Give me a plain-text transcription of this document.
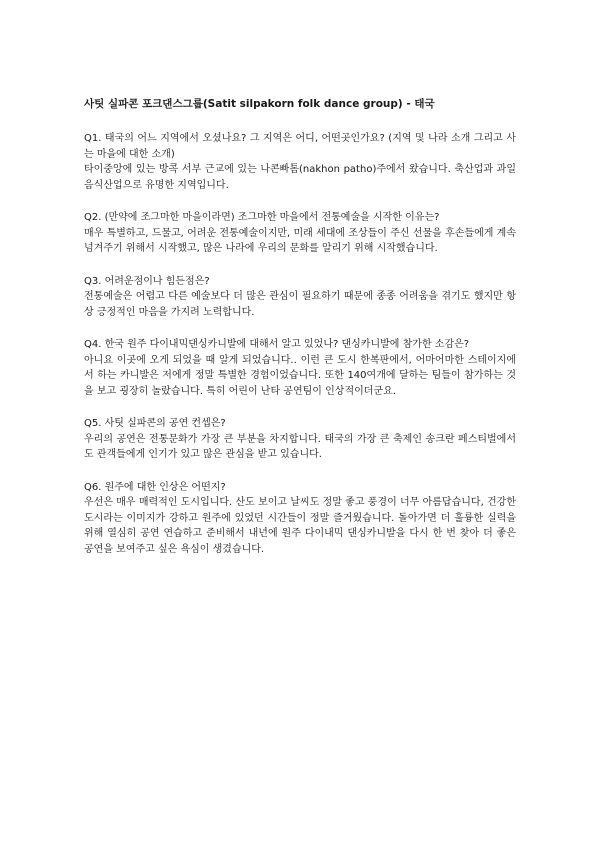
사팃 실파콘 포크댄스그룹(Satit silpakorn folk dance group) - 태국

Q1. 태국의 어느 지역에서 오셨나요? 그 지역은 어디, 어떤곳인가요? (지역 및 나라 소개 그리고 사는 마을에 대한 소개)

타이중앙에 있는 방콕 서부 근교에 있는 나콘빠톰(nakhon patho)주에서 왔습니다. 축산업과 과일음식산업으로 유명한 지역입니다.

Q2. (만약에 조그마한 마을이라면) 조그마한 마을에서 전통예술을 시작한 이유는?

매우 특별하고, 드물고, 어려운 전통예술이지만, 미래 세대에 조상들이 주신 선물을 후손들에게 계속 넘겨주기 위해서 시작했고, 많은 나라에 우리의 문화를 알리기 위해 시작했습니다.

Q3. 어려운점이나 힘든점은?

전통예술은 어렵고 다른 예술보다 더 많은 관심이 필요하기 때문에 종종 어려움을 겪기도 했지만 항상 긍정적인 마음을 가지려 노력합니다.

Q4. 한국 원주 다이내믹댄싱카니발에 대해서 알고 있었나? 댄싱카니발에 참가한 소감은?

아니요 이곳에 오게 되었을 때 알게 되었습니다.. 이런 큰 도시 한복판에서, 어마어마한 스테이지에서 하는 카니발은 저에게 정말 특별한 경험이었습니다. 또한 140여개에 달하는 팀들이 참가하는 것을 보고 굉장히 놀랐습니다. 특히 어린이 난타 공연팀이 인상적이더군요.

Q5. 사팃 실파콘의 공연 컨셉은?

우리의 공연은 전통문화가 가장 큰 부분을 차지합니다. 태국의 가장 큰 축제인 송크란 페스티벌에서도 관객들에게 인기가 있고 많은 관심을 받고 있습니다.

Q6. 원주에 대한 인상은 어떤지?

우선은 매우 매력적인 도시입니다. 산도 보이고 날씨도 정말 좋고 풍경이 너무 아름답습니다, 건강한 도시라는 이미지가 강하고 원주에 있었던 시간들이 정말 즐거웠습니다. 돌아가면 더 훌륭한 실력을 위해 열심히 공연 연습하고 준비해서 내년에 원주 다이내믹 댄싱카니발을 다시 한 번 찾아 더 좋은 공연을 보여주고 싶은 욕심이 생겼습니다.
